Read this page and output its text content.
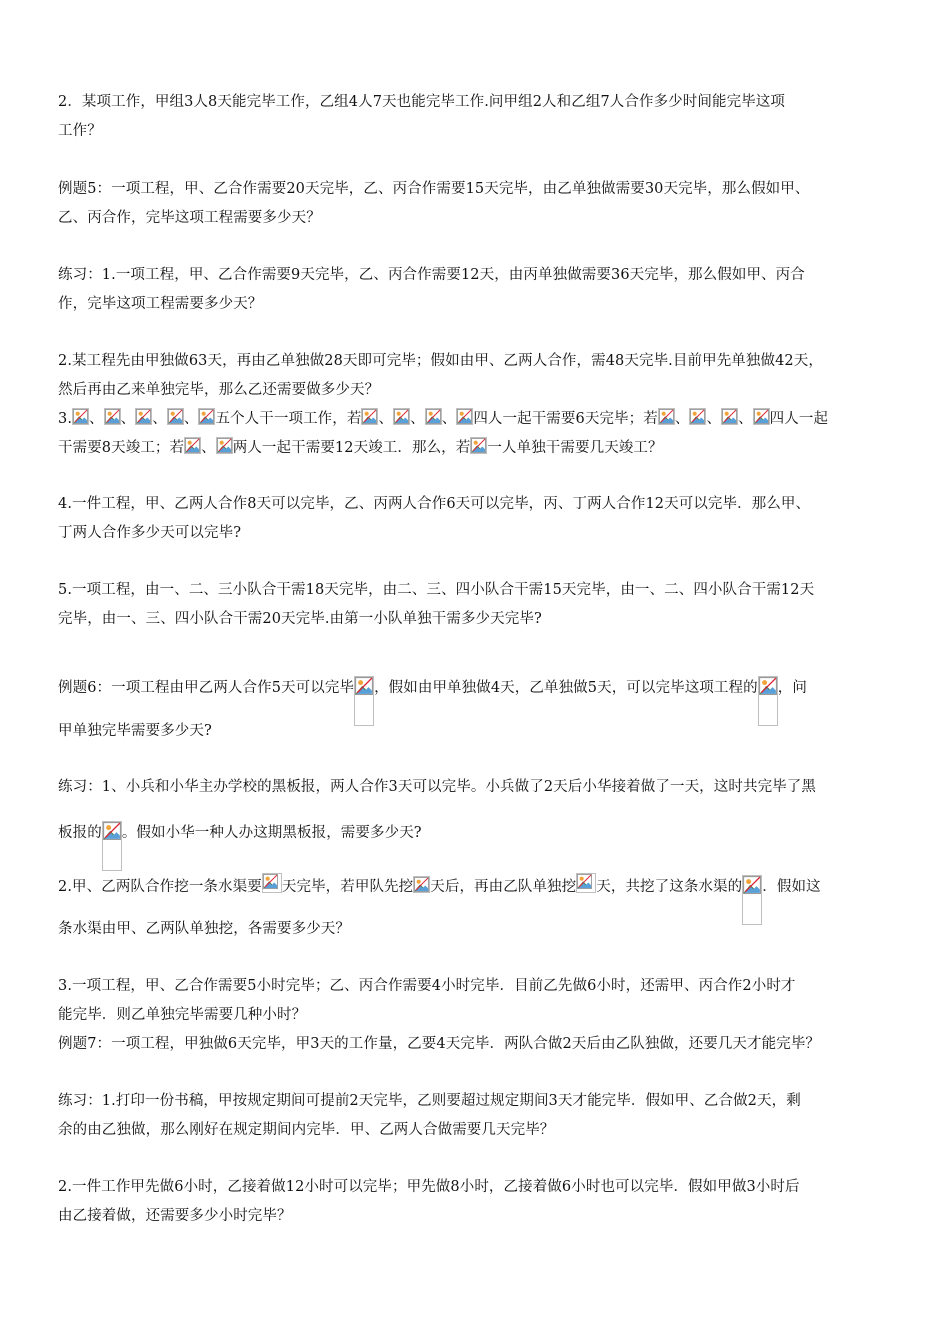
2．某项工作，甲组3人8天能完毕工作，乙组4人7天也能完毕工作.问甲组2人和乙组7人合作多少时间能完毕这项
工作？
例题5：一项工程，甲、乙合作需要20天完毕，乙、丙合作需要15天完毕，由乙单独做需要30天完毕，那么假如甲、
乙、丙合作，完毕这项工程需要多少天？
练习：1.一项工程，甲、乙合作需要9天完毕，乙、丙合作需要12天，由丙单独做需要36天完毕，那么假如甲、丙合
作，完毕这项工程需要多少天？
2.某工程先由甲独做63天，再由乙单独做28天即可完毕；假如由甲、乙两人合作，需48天完毕.目前甲先单独做42天，
然后再由乙来单独完毕，那么乙还需要做多少天？
3. 、 、 、 、 五个人干一项工作，若 、 、 、 四人一起干需要6天完毕；若 、 、 、 四人一起
干需要8天竣工；若 、 两人一起干需要12天竣工．那么，若 一人单独干需要几天竣工？
4.一件工程，甲、乙两人合作8天可以完毕，乙、丙两人合作6天可以完毕，丙、丁两人合作12天可以完毕．那么甲、
丁两人合作多少天可以完毕?
5.一项工程，由一、二、三小队合干需18天完毕，由二、三、四小队合干需15天完毕，由一、二、四小队合干需12天
完毕，由一、三、四小队合干需20天完毕.由第一小队单独干需多少天完毕?
例题6：一项工程由甲乙两人合作5天可以完毕 ，假如由甲单独做4天，乙单独做5天，可以完毕这项工程的 ，问
甲单独完毕需要多少天?
练习：1、小兵和小华主办学校的黑板报，两人合作3天可以完毕。小兵做了2天后小华接着做了一天，这时共完毕了黑
板报的 。假如小华一种人办这期黑板报，需要多少天?
2.甲、乙两队合作挖一条水渠要 天完毕，若甲队先挖 天后，再由乙队单独挖 天，共挖了这条水渠的 ．假如这
条水渠由甲、乙两队单独挖，各需要多少天？
3.一项工程，甲、乙合作需要5小时完毕；乙、丙合作需要4小时完毕．目前乙先做6小时，还需甲、丙合作2小时才
能完毕．则乙单独完毕需要几种小时？
例题7：一项工程，甲独做6天完毕，甲3天的工作量，乙要4天完毕．两队合做2天后由乙队独做，还要几天才能完毕？
练习：1.打印一份书稿，甲按规定期间可提前2天完毕，乙则要超过规定期间3天才能完毕．假如甲、乙合做2天，剩
余的由乙独做，那么刚好在规定期间内完毕．甲、乙两人合做需要几天完毕？
2.一件工作甲先做6小时，乙接着做12小时可以完毕；甲先做8小时，乙接着做6小时也可以完毕．假如甲做3小时后
由乙接着做，还需要多少小时完毕？
